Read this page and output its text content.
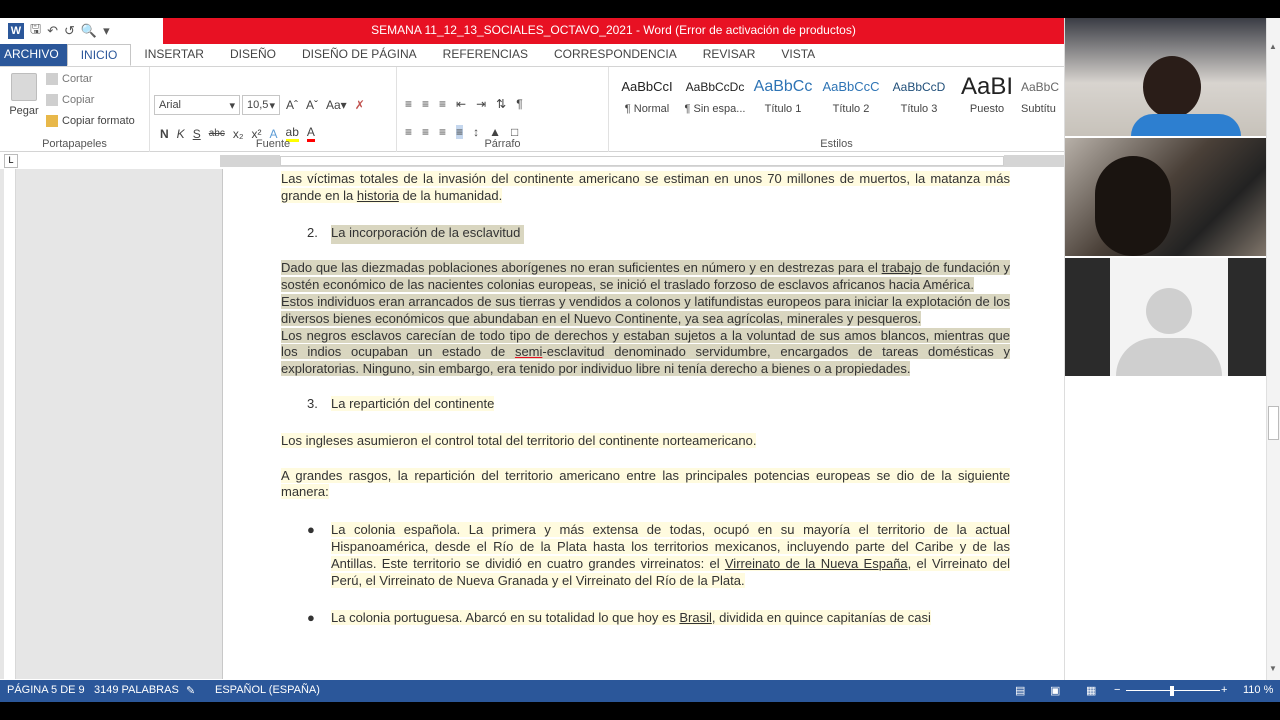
W 🖫 ↶ ↺ 🔍 ▾	SEMANA 11_12_13_SOCIALES_OCTAVO_2021 - Word (Error de activación de productos)
ARCHIVO	INICIO	INSERTAR	DISEÑO	DISEÑO DE PÁGINA	REFERENCIAS	CORRESPONDENCIA	REVISAR	VISTA
Pegar
Cortar
Copiar
Copiar formato
Portapapeles
Arial	▾	10,5 ▾ Aˆ Aˇ Aa▾ ✗
N K S abc x₂ x² A ab A
Fuente
≡ ≡ ≡ ⇤ ⇥ ⇅ ¶
≡ ≡ ≡ ≡ ↕ ▲ □
Párrafo
AaBbCcI
¶ Normal
AaBbCcDc
¶ Sin espa...
AaBbCc
Título 1
AaBbCcC
Título 2
AaBbCcD
Título 3
AaBI
Puesto
AaBbC
Subtítu
Estilos
L
Las víctimas totales de la invasión del continente americano se estiman en unos 70 millones de muertos, la matanza más grande en la historia de la humanidad.
2. La incorporación de la esclavitud
Dado que las diezmadas poblaciones aborígenes no eran suficientes en número y en destrezas para el trabajo de fundación y sostén económico de las nacientes colonias europeas, se inició el traslado forzoso de esclavos africanos hacia América.
Estos individuos eran arrancados de sus tierras y vendidos a colonos y latifundistas europeos para iniciar la explotación de los diversos bienes económicos que abundaban en el Nuevo Continente, ya sea agrícolas, minerales y pesqueros.
Los negros esclavos carecían de todo tipo de derechos y estaban sujetos a la voluntad de sus amos blancos, mientras que los indios ocupaban un estado de semi-esclavitud denominado servidumbre, encargados de tareas domésticas y exploratorias. Ninguno, sin embargo, era tenido por individuo libre ni tenía derecho a bienes o a propiedades.
3. La repartición del continente
Los ingleses asumieron el control total del territorio del continente norteamericano.
A grandes rasgos, la repartición del territorio americano entre las principales potencias europeas se dio de la siguiente manera:
● La colonia española. La primera y más extensa de todas, ocupó en su mayoría el territorio de la actual Hispanoamérica, desde el Río de la Plata hasta los territorios mexicanos, incluyendo parte del Caribe y de las Antillas. Este territorio se dividió en cuatro grandes virreinatos: el Virreinato de la Nueva España, el Virreinato del Perú, el Virreinato de Nueva Granada y el Virreinato del Río de la Plata.
● La colonia portuguesa. Abarcó en su totalidad lo que hoy es Brasil, dividida en quince capitanías de casi
PÁGINA 5 DE 9 3149 PALABRAS ✎ ESPAÑOL (ESPAÑA)	▤ ▣ ▦ −	+ 110 %
▲
▼
